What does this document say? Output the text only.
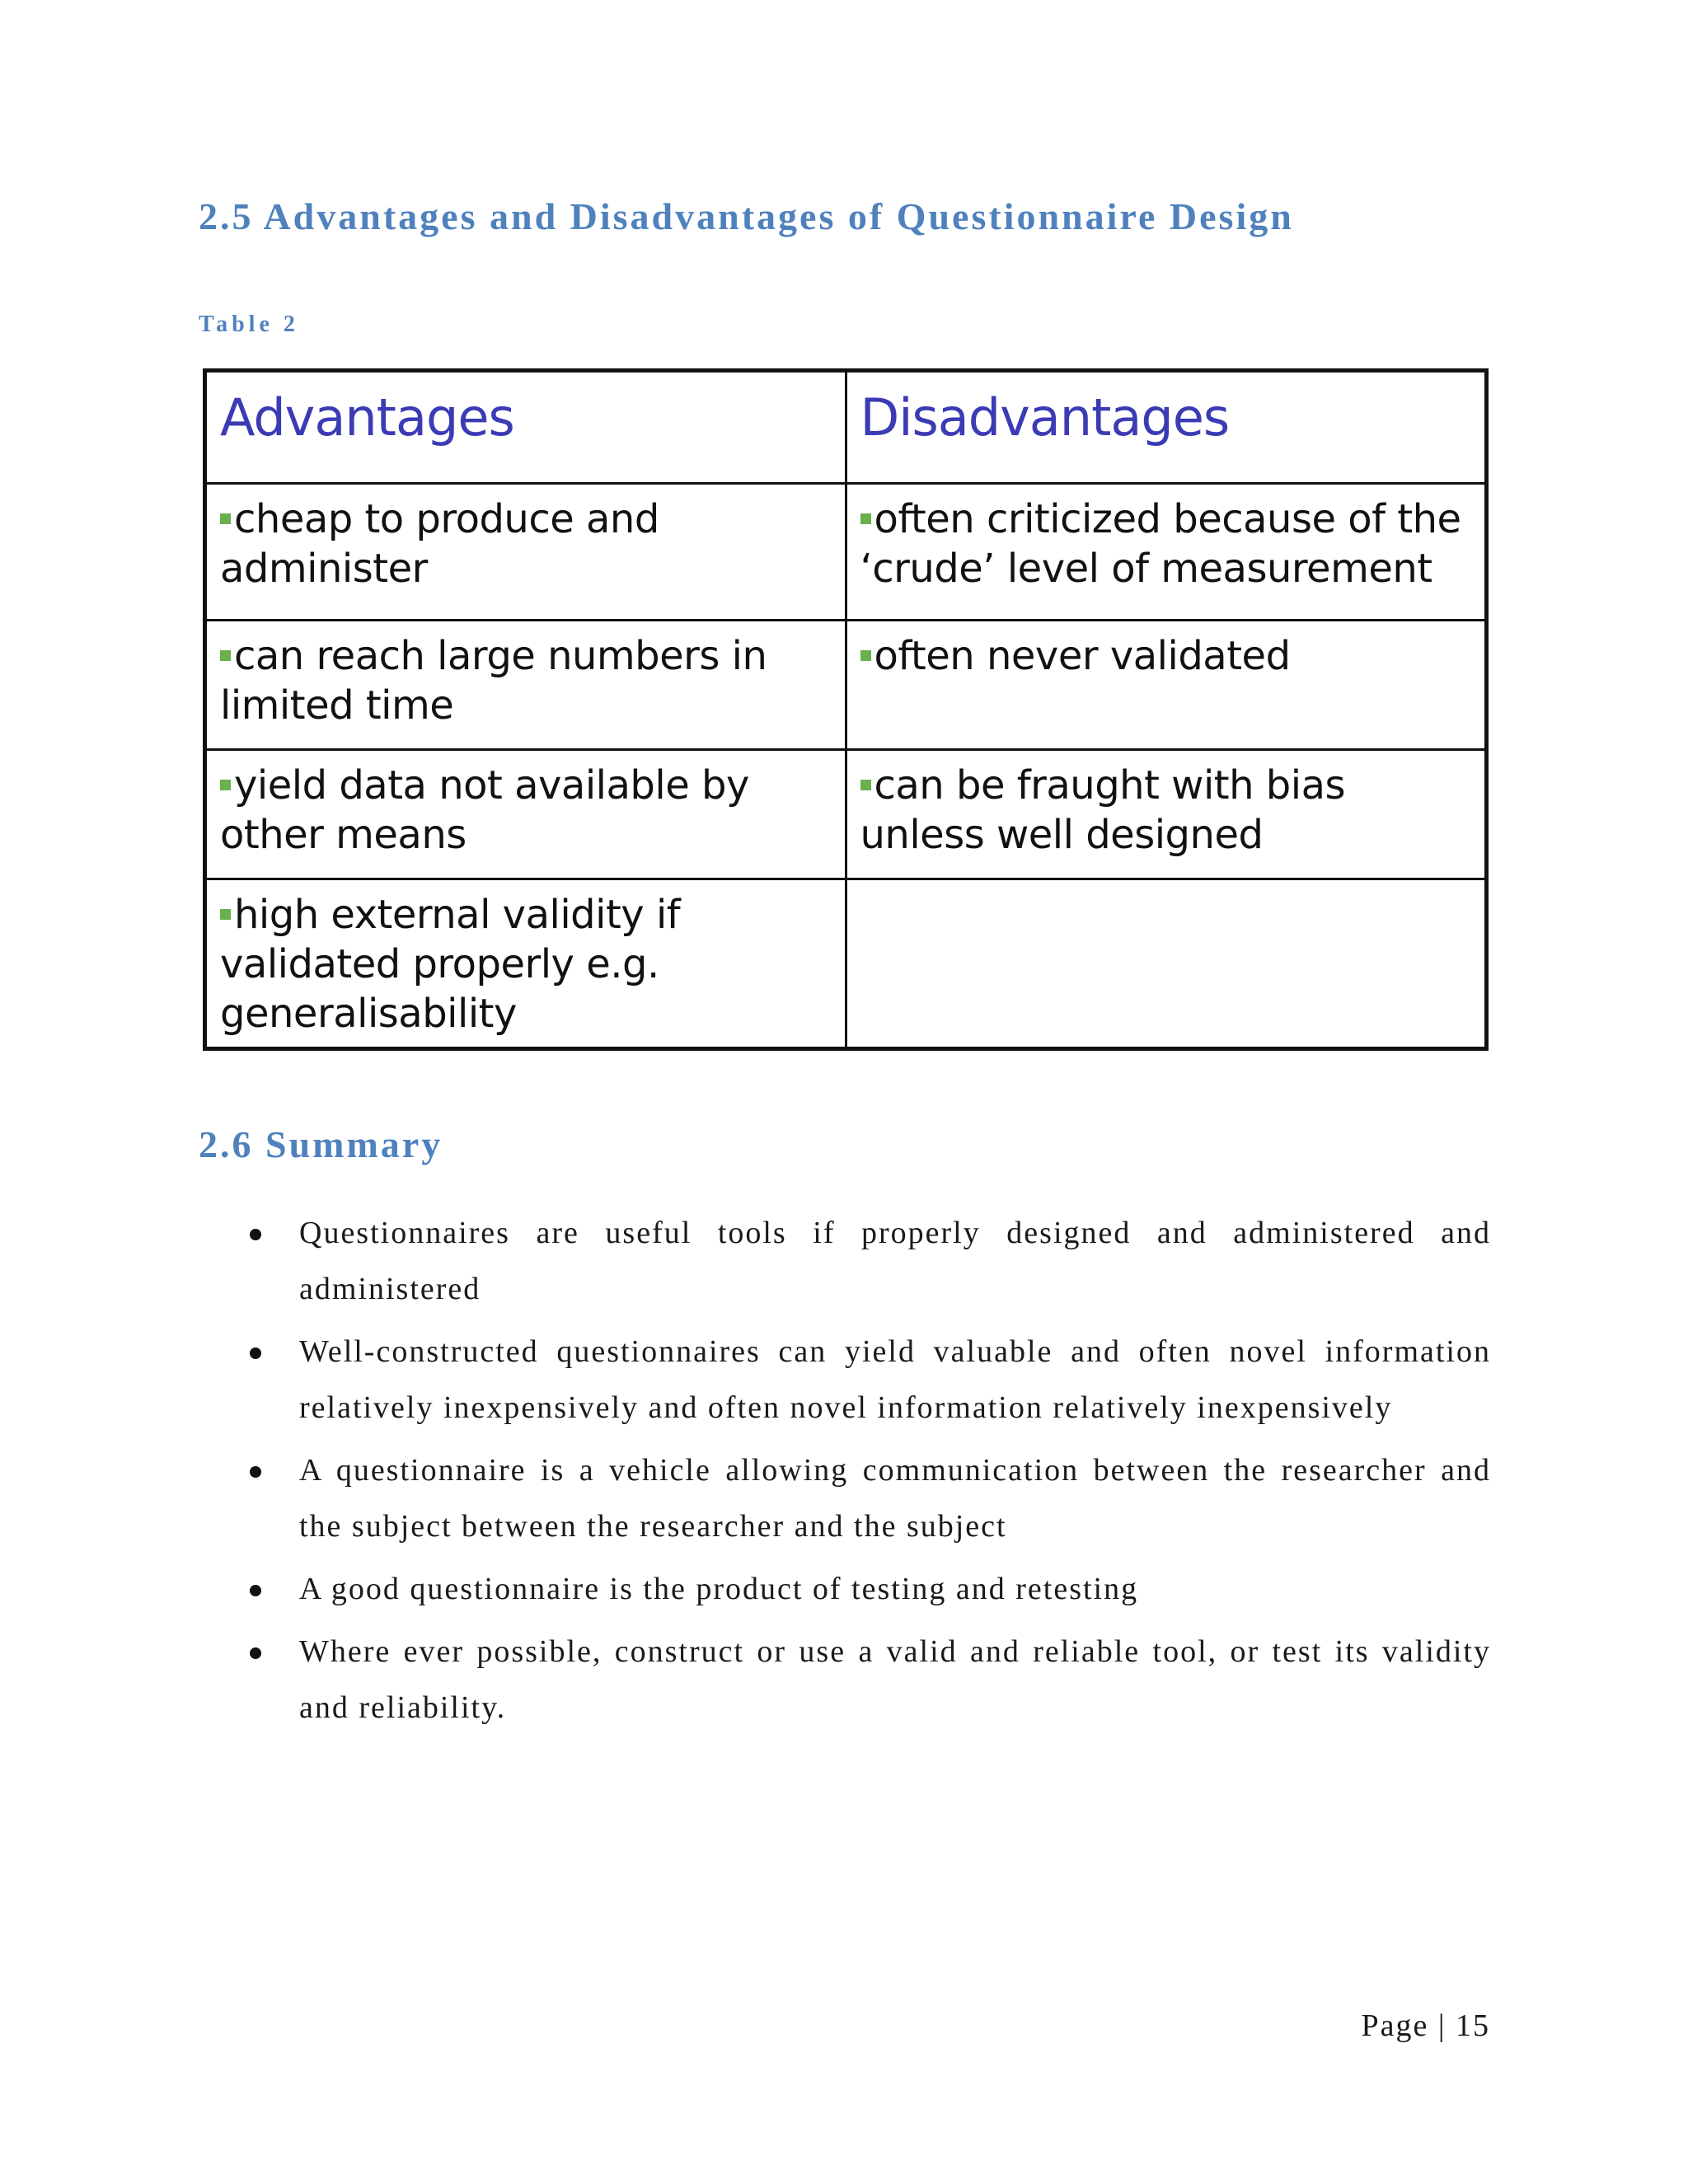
2.5 Advantages and Disadvantages of Questionnaire Design
Table 2
Advantages	Disadvantages
cheap to produce and administer	often criticized because of the ‘crude’ level of measurement
can reach large numbers in limited time	often never validated
yield data not available by other means	can be fraught with bias unless well designed
high external validity if validated properly e.g. generalisability	
2.6 Summary
Questionnaires are useful tools if properly designed and administered and administered
Well-constructed questionnaires can yield valuable and often novel information relatively inexpensively and often novel information relatively inexpensively
A questionnaire is a vehicle allowing communication between the researcher and the subject between the researcher and the subject
A good questionnaire is the product of testing and retesting
Where ever possible, construct or use a valid and reliable tool, or test its validity and reliability.
Page | 15
